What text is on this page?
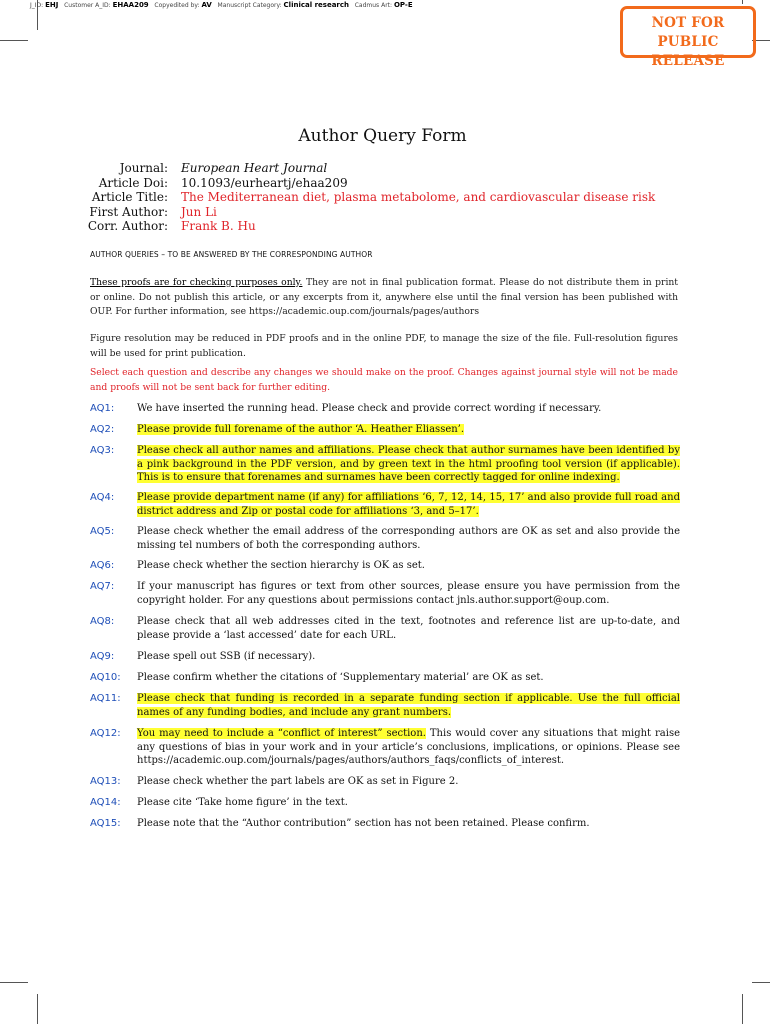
J_ID: EHJ Customer A_ID: EHAA209 Copyedited by: AV Manuscript Category: Clinical research Cadmus Art: OP-E
NOT FOR
PUBLIC RELEASE
Author Query Form
Journal:	European Heart Journal
Article Doi:	10.1093/eurheartj/ehaa209
Article Title:	The Mediterranean diet, plasma metabolome, and cardiovascular disease risk
First Author:	Jun Li
Corr. Author:	Frank B. Hu
AUTHOR QUERIES – TO BE ANSWERED BY THE CORRESPONDING AUTHOR
These proofs are for checking purposes only. They are not in final publication format. Please do not distribute them in print or online. Do not publish this article, or any excerpts from it, anywhere else until the final version has been published with OUP. For further information, see https://academic.oup.com/journals/pages/authors
Figure resolution may be reduced in PDF proofs and in the online PDF, to manage the size of the file. Full-resolution figures will be used for print publication.
Select each question and describe any changes we should make on the proof. Changes against journal style will not be made and proofs will not be sent back for further editing.
AQ1:	We have inserted the running head. Please check and provide correct wording if necessary.
AQ2:	Please provide full forename of the author ‘A. Heather Eliassen’.
AQ3:	Please check all author names and affiliations. Please check that author surnames have been identified by a pink background in the PDF version, and by green text in the html proofing tool version (if applicable). This is to ensure that forenames and surnames have been correctly tagged for online indexing.
AQ4:	Please provide department name (if any) for affiliations ‘6, 7, 12, 14, 15, 17’ and also provide full road and district address and Zip or postal code for affiliations ‘3, and 5–17’.
AQ5:	Please check whether the email address of the corresponding authors are OK as set and also provide the missing tel numbers of both the corresponding authors.
AQ6:	Please check whether the section hierarchy is OK as set.
AQ7:	If your manuscript has figures or text from other sources, please ensure you have permission from the copyright holder. For any questions about permissions contact jnls.author.support@oup.com.
AQ8:	Please check that all web addresses cited in the text, footnotes and reference list are up-to-date, and please provide a ‘last accessed’ date for each URL.
AQ9:	Please spell out SSB (if necessary).
AQ10:	Please confirm whether the citations of ‘Supplementary material’ are OK as set.
AQ11:	Please check that funding is recorded in a separate funding section if applicable. Use the full official names of any funding bodies, and include any grant numbers.
AQ12:	You may need to include a “conflict of interest” section. This would cover any situations that might raise any questions of bias in your work and in your article’s conclusions, implications, or opinions. Please see https://academic.oup.com/journals/pages/authors/authors_faqs/conflicts_of_interest.
AQ13:	Please check whether the part labels are OK as set in Figure 2.
AQ14:	Please cite ‘Take home figure’ in the text.
AQ15:	Please note that the “Author contribution” section has not been retained. Please confirm.
